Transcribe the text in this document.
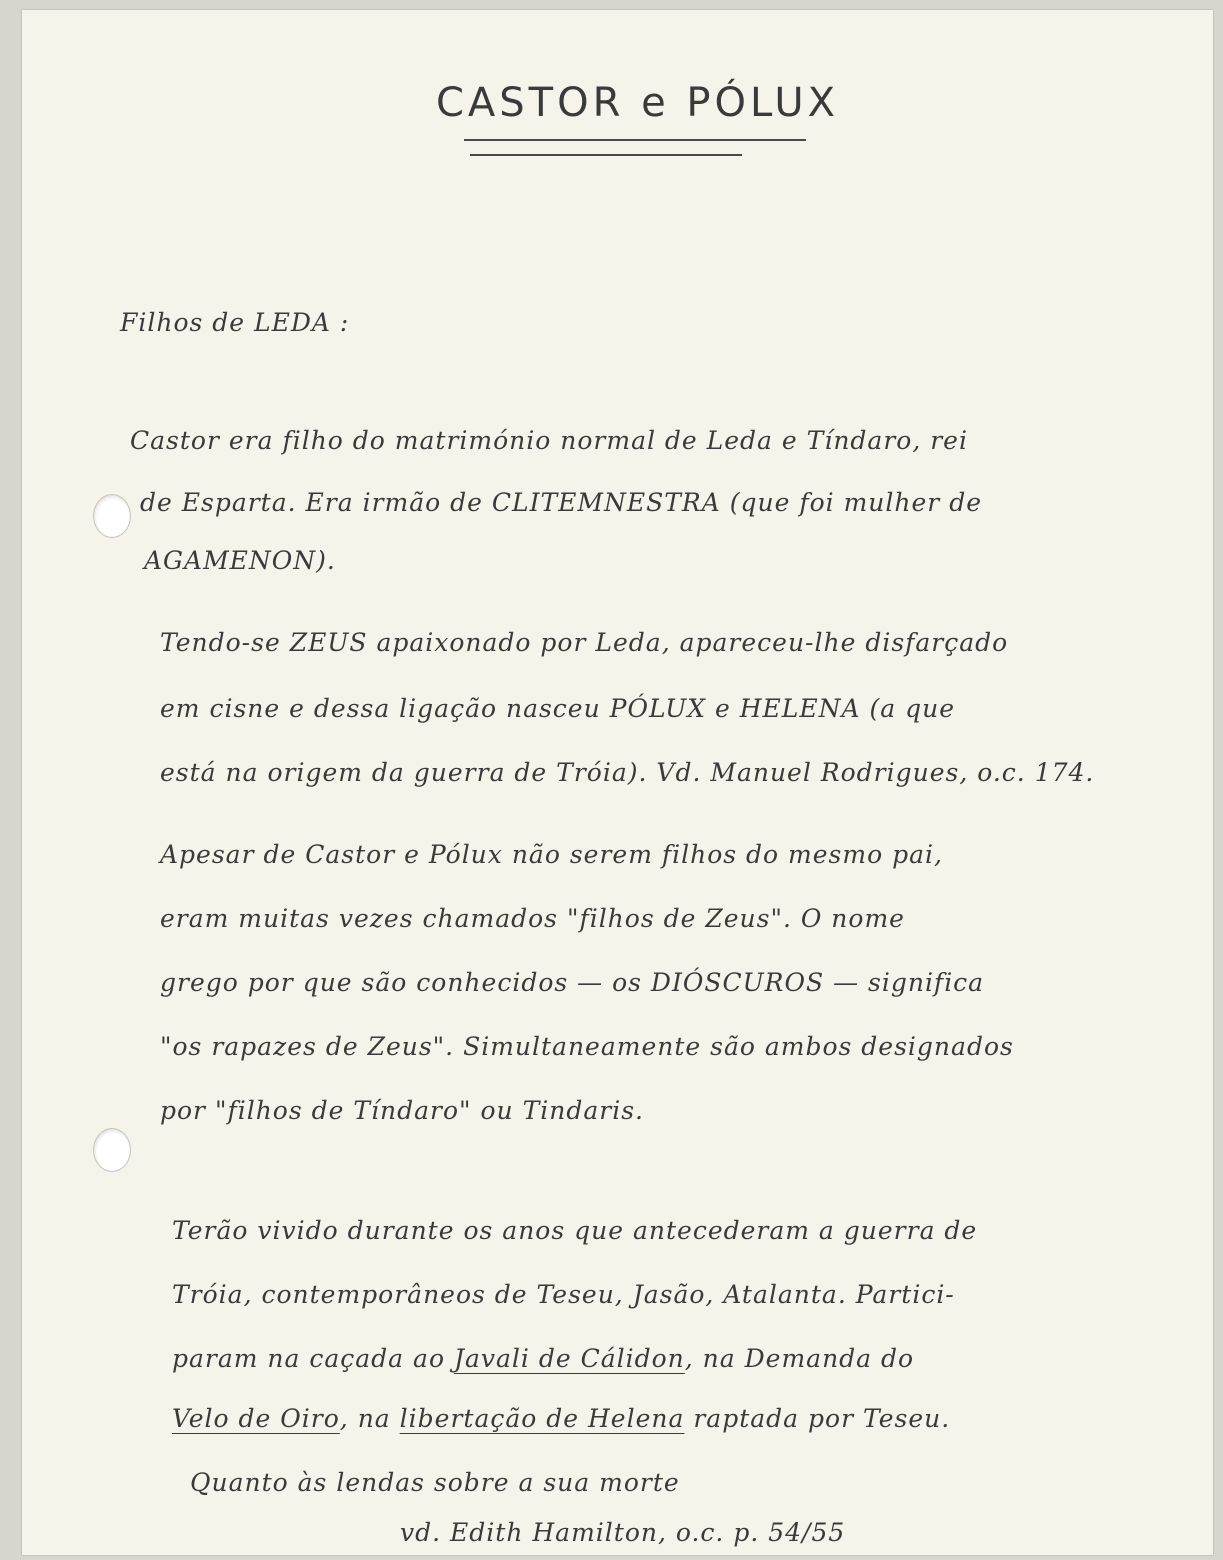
CASTOR e PÓLUX
Filhos de LEDA :
Castor era filho do matrimónio normal de Leda e Tíndaro, rei
de Esparta. Era irmão de CLITEMNESTRA (que foi mulher de
AGAMENON).
Tendo-se ZEUS apaixonado por Leda, apareceu-lhe disfarçado
em cisne e dessa ligação nasceu PÓLUX e HELENA (a que
está na origem da guerra de Tróia). Vd. Manuel Rodrigues, o.c. 174.
Apesar de Castor e Pólux não serem filhos do mesmo pai,
eram muitas vezes chamados "filhos de Zeus". O nome
grego por que são conhecidos — os DIÓSCUROS — significa
"os rapazes de Zeus". Simultaneamente são ambos designados
por "filhos de Tíndaro" ou Tindaris.
Terão vivido durante os anos que antecederam a guerra de
Tróia, contemporâneos de Teseu, Jasão, Atalanta. Partici-
param na caçada ao Javali de Cálidon, na Demanda do
Velo de Oiro, na libertação de Helena raptada por Teseu.
Quanto às lendas sobre a sua morte
vd. Edith Hamilton, o.c. p. 54/55
